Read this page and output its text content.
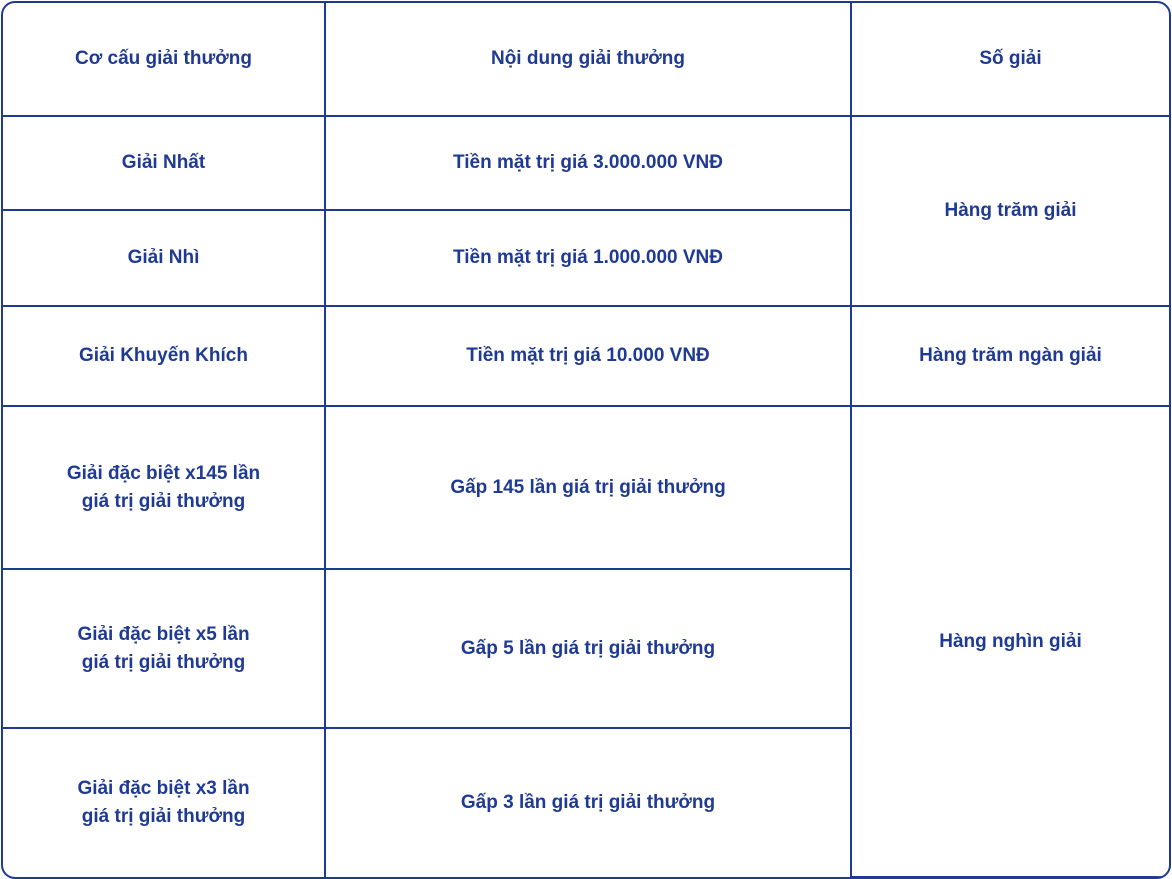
Cơ cấu giải thưởng	Nội dung giải thưởng	Số giải
Giải Nhất	Tiền mặt trị giá 3.000.000 VNĐ	Hàng trăm giải
Giải Nhì	Tiền mặt trị giá 1.000.000 VNĐ	
Giải Khuyến Khích	Tiền mặt trị giá 10.000 VNĐ	Hàng trăm ngàn giải
Giải đặc biệt x145 lần
giá trị giải thưởng	Gấp 145 lần giá trị giải thưởng	Hàng nghìn giải
Giải đặc biệt x5 lần
giá trị giải thưởng	Gấp 5 lần giá trị giải thưởng	
Giải đặc biệt x3 lần
giá trị giải thưởng	Gấp 3 lần giá trị giải thưởng	
